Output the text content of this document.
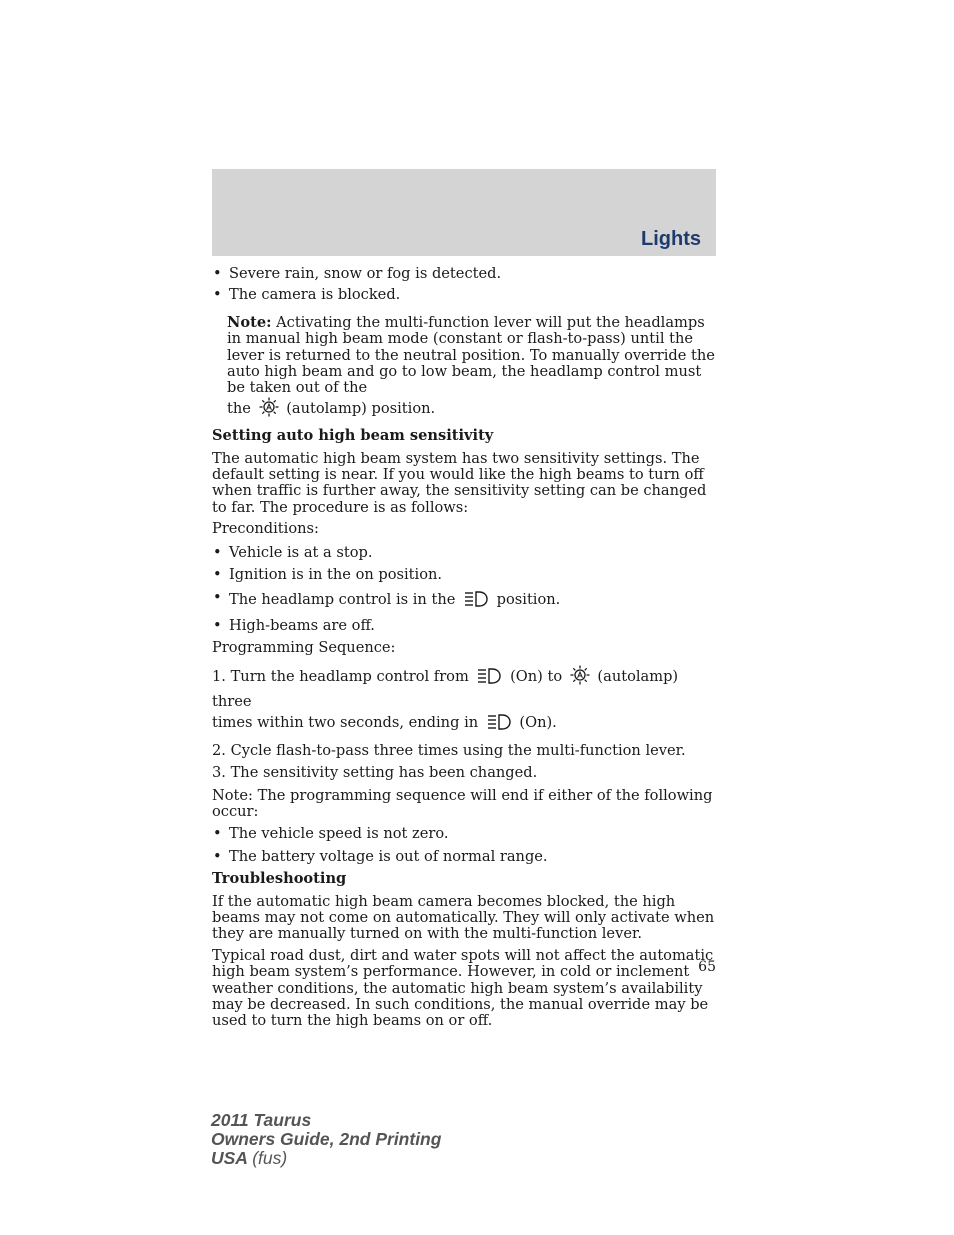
Lights
• Severe rain, snow or fog is detected.
• The camera is blocked.

Note: Activating the multi-function lever will put the headlamps in manual high beam mode (constant or flash-to-pass) until the lever is returned to the neutral position. To manually override the auto high beam and go to low beam, the headlamp control must be taken out of the
the (autolamp) position.

Setting auto high beam sensitivity

The automatic high beam system has two sensitivity settings. The default setting is near. If you would like the high beams to turn off when traffic is further away, the sensitivity setting can be changed to far. The procedure is as follows:

Preconditions:

• Vehicle is at a stop.
• Ignition is in the on position.
• The headlamp control is in the	position.
• High-beams are off.

Programming Sequence:

1. Turn the headlamp control from	(On) to (autolamp) three
times within two seconds, ending in	(On).

2. Cycle flash-to-pass three times using the multi-function lever.

3. The sensitivity setting has been changed.

Note: The programming sequence will end if either of the following occur:

• The vehicle speed is not zero.
• The battery voltage is out of normal range.
Troubleshooting

If the automatic high beam camera becomes blocked, the high beams may not come on automatically. They will only activate when they are manually turned on with the multi-function lever.

Typical road dust, dirt and water spots will not affect the automatic high beam system’s performance. However, in cold or inclement weather conditions, the automatic high beam system’s availability may be decreased. In such conditions, the manual override may be used to turn the high beams on or off.

65
2011 Taurus
Owners Guide, 2nd Printing
USA (fus)
